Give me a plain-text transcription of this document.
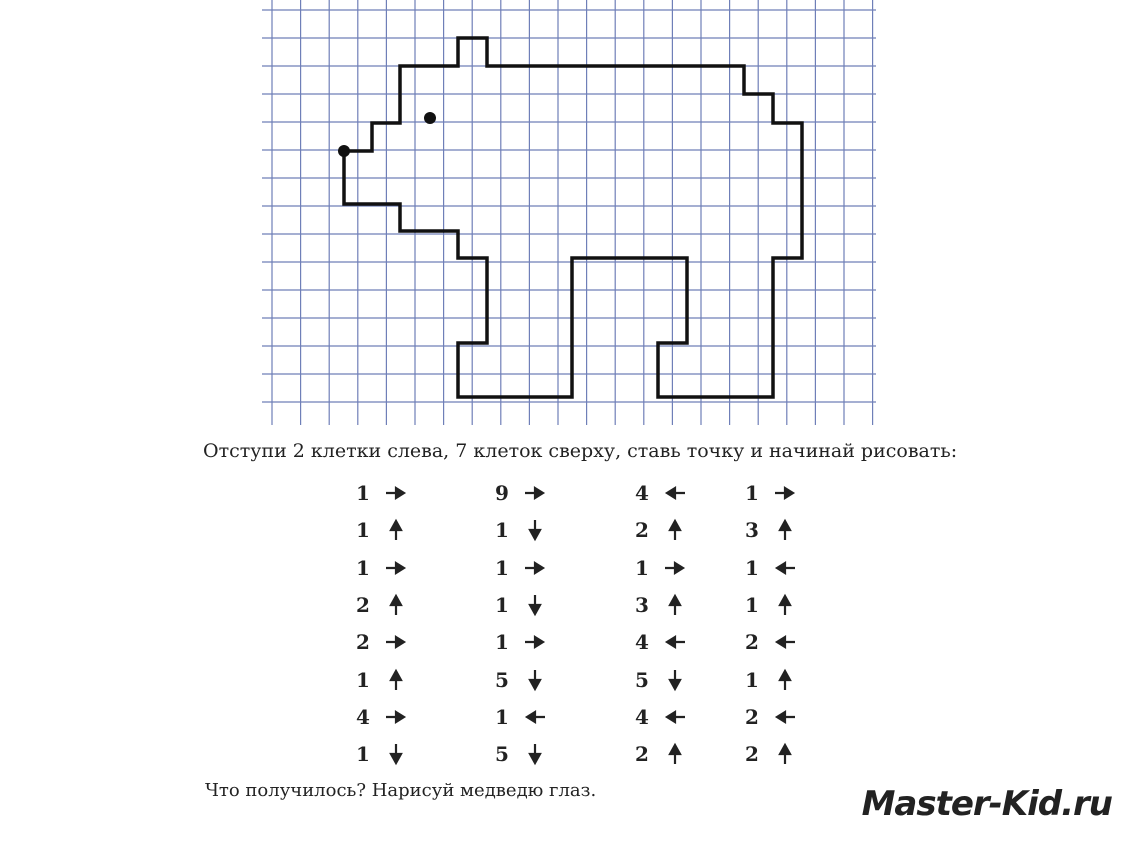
Отступи 2 клетки слева, 7 клеток сверху, ставь точку и начинай рисовать:
1
1
1
2
2
1
4
1
9
1
1
1
1
5
1
5
4
2
1
3
4
5
4
2
1
3
1
1
2
1
2
2
Что получилось? Нарисуй медведю глаз.	Master-Kid.ru
